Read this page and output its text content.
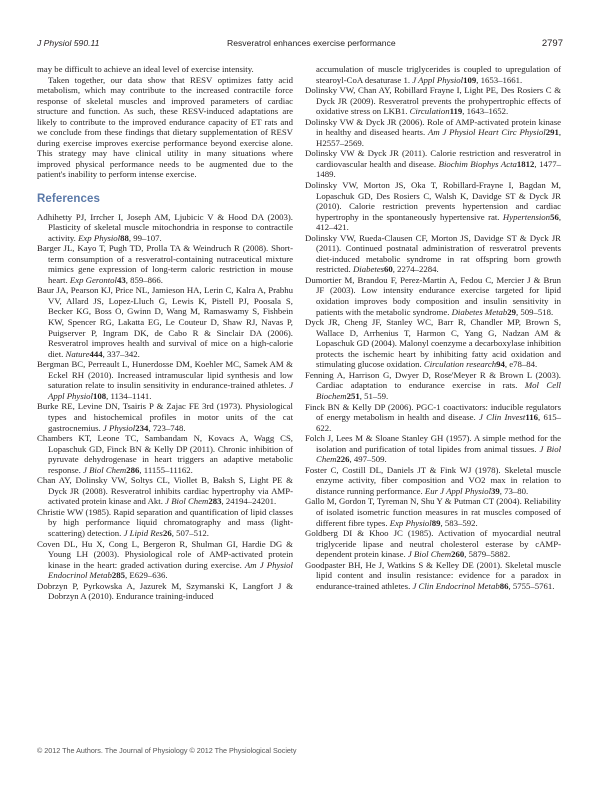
J Physiol 590.11	Resveratrol enhances exercise performance	2797

may be difficult to achieve an ideal level of exercise intensity.

Taken together, our data show that RESV optimizes fatty acid metabolism, which may contribute to the increased contractile force response of skeletal muscles and improved parameters of cardiac structure and function. As such, these RESV-induced adaptations are likely to contribute to the improved endurance capacity of ET rats and we conclude from these findings that dietary supplementation of RESV during exercise improves exercise performance beyond exercise alone. This strategy may have clinical utility in many situations where improved physical performance needs to be augmented due to the patient's inability to perform intense exercise.

References

Adhihetty PJ, Irrcher I, Joseph AM, Ljubicic V & Hood DA (2003). Plasticity of skeletal muscle mitochondria in response to contractile activity. Exp Physiol88, 99–107.

Barger JL, Kayo T, Pugh TD, Prolla TA & Weindruch R (2008). Short-term consumption of a resveratrol-containing nutraceutical mixture mimics gene expression of long-term caloric restriction in mouse heart. Exp Gerontol43, 859–866.

Baur JA, Pearson KJ, Price NL, Jamieson HA, Lerin C, Kalra A, Prabhu VV, Allard JS, Lopez-Lluch G, Lewis K, Pistell PJ, Poosala S, Becker KG, Boss O, Gwinn D, Wang M, Ramaswamy S, Fishbein KW, Spencer RG, Lakatta EG, Le Couteur D, Shaw RJ, Navas P, Puigserver P, Ingram DK, de Cabo R & Sinclair DA (2006). Resveratrol improves health and survival of mice on a high-calorie diet. Nature444, 337–342.

Bergman BC, Perreault L, Hunerdosse DM, Koehler MC, Samek AM & Eckel RH (2010). Increased intramuscular lipid synthesis and low saturation relate to insulin sensitivity in endurance-trained athletes. J Appl Physiol108, 1134–1141.

Burke RE, Levine DN, Tsairis P & Zajac FE 3rd (1973). Physiological types and histochemical profiles in motor units of the cat gastrocnemius. J Physiol234, 723–748.

Chambers KT, Leone TC, Sambandam N, Kovacs A, Wagg CS, Lopaschuk GD, Finck BN & Kelly DP (2011). Chronic inhibition of pyruvate dehydrogenase in heart triggers an adaptive metabolic response. J Biol Chem286, 11155–11162.

Chan AY, Dolinsky VW, Soltys CL, Viollet B, Baksh S, Light PE & Dyck JR (2008). Resveratrol inhibits cardiac hypertrophy via AMP-activated protein kinase and Akt. J Biol Chem283, 24194–24201.

Christie WW (1985). Rapid separation and quantification of lipid classes by high performance liquid chromatography and mass (light-scattering) detection. J Lipid Res26, 507–512.

Coven DL, Hu X, Cong L, Bergeron R, Shulman GI, Hardie DG & Young LH (2003). Physiological role of AMP-activated protein kinase in the heart: graded activation during exercise. Am J Physiol Endocrinol Metab285, E629–636.

Dobrzyn P, Pyrkowska A, Jazurek M, Szymanski K, Langfort J & Dobrzyn A (2010). Endurance training-induced

accumulation of muscle triglycerides is coupled to upregulation of stearoyl-CoA desaturase 1. J Appl Physiol109, 1653–1661.

Dolinsky VW, Chan AY, Robillard Frayne I, Light PE, Des Rosiers C & Dyck JR (2009). Resveratrol prevents the prohypertrophic effects of oxidative stress on LKB1. Circulation119, 1643–1652.

Dolinsky VW & Dyck JR (2006). Role of AMP-activated protein kinase in healthy and diseased hearts. Am J Physiol Heart Circ Physiol291, H2557–2569.

Dolinsky VW & Dyck JR (2011). Calorie restriction and resveratrol in cardiovascular health and disease. Biochim Biophys Acta1812, 1477–1489.

Dolinsky VW, Morton JS, Oka T, Robillard-Frayne I, Bagdan M, Lopaschuk GD, Des Rosiers C, Walsh K, Davidge ST & Dyck JR (2010). Calorie restriction prevents hypertension and cardiac hypertrophy in the spontaneously hypertensive rat. Hypertension56, 412–421.

Dolinsky VW, Rueda-Clausen CF, Morton JS, Davidge ST & Dyck JR (2011). Continued postnatal administration of resveratrol prevents diet-induced metabolic syndrome in rat offspring born growth restricted. Diabetes60, 2274–2284.

Dumortier M, Brandou F, Perez-Martin A, Fedou C, Mercier J & Brun JF (2003). Low intensity endurance exercise targeted for lipid oxidation improves body composition and insulin sensitivity in patients with the metabolic syndrome. Diabetes Metab29, 509–518.

Dyck JR, Cheng JF, Stanley WC, Barr R, Chandler MP, Brown S, Wallace D, Arrhenius T, Harmon C, Yang G, Nadzan AM & Lopaschuk GD (2004). Malonyl coenzyme a decarboxylase inhibition protects the ischemic heart by inhibiting fatty acid oxidation and stimulating glucose oxidation. Circulation research94, e78–84.

Fenning A, Harrison G, Dwyer D, Rose'Meyer R & Brown L (2003). Cardiac adaptation to endurance exercise in rats. Mol Cell Biochem251, 51–59.

Finck BN & Kelly DP (2006). PGC-1 coactivators: inducible regulators of energy metabolism in health and disease. J Clin Invest116, 615–622.

Folch J, Lees M & Sloane Stanley GH (1957). A simple method for the isolation and purification of total lipides from animal tissues. J Biol Chem226, 497–509.

Foster C, Costill DL, Daniels JT & Fink WJ (1978). Skeletal muscle enzyme activity, fiber composition and VO2 max in relation to distance running performance. Eur J Appl Physiol39, 73–80.

Gallo M, Gordon T, Tyreman N, Shu Y & Putman CT (2004). Reliability of isolated isometric function measures in rat muscles composed of different fibre types. Exp Physiol89, 583–592.

Goldberg DI & Khoo JC (1985). Activation of myocardial neutral triglyceride lipase and neutral cholesterol esterase by cAMP-dependent protein kinase. J Biol Chem260, 5879–5882.

Goodpaster BH, He J, Watkins S & Kelley DE (2001). Skeletal muscle lipid content and insulin resistance: evidence for a paradox in endurance-trained athletes. J Clin Endocrinol Metab86, 5755–5761.

© 2012 The Authors. The Journal of Physiology © 2012 The Physiological Society
